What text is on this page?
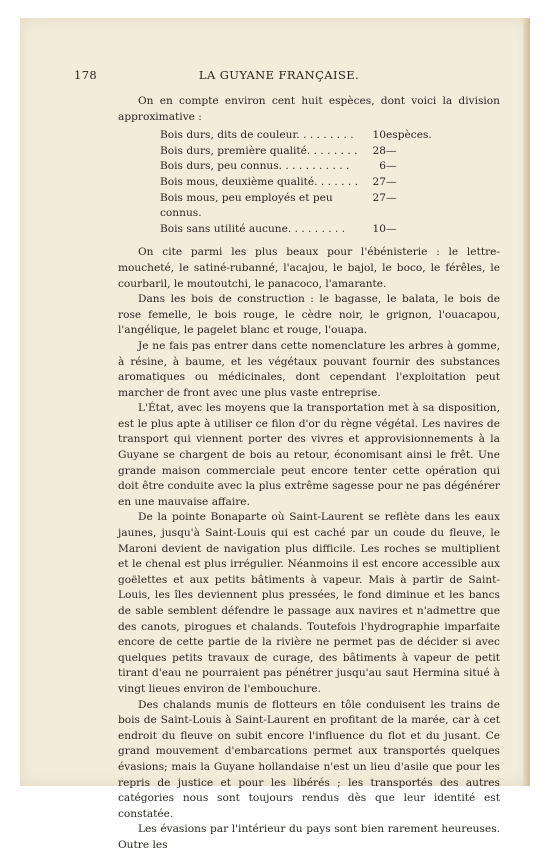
178	LA GUYANE FRANÇAISE.

On en compte environ cent huit espèces, dont voici la division approximative :

Bois durs, dits de couleur. . . . . . . . .	10	espèces.
Bois durs, première qualité. . . . . . . .	28	—
Bois durs, peu connus. . . . . . . . . . .	6	—
Bois mous, deuxième qualité. . . . . . .	27	—
Bois mous, peu employés et peu connus.	27	—
Bois sans utilité aucune. . . . . . . . .	10	—

On cite parmi les plus beaux pour l'ébénisterie : le lettre-moucheté, le satiné-rubanné, l'acajou, le bajol, le boco, le férêles, le courbaril, le moutoutchi, le panacoco, l'amarante.

Dans les bois de construction : le bagasse, le balata, le bois de rose femelle, le bois rouge, le cèdre noir, le grignon, l'ouacapou, l'angélique, le pagelet blanc et rouge, l'ouapa.

Je ne fais pas entrer dans cette nomenclature les arbres à gomme, à résine, à baume, et les végétaux pouvant fournir des substances aromatiques ou médicinales, dont cependant l'exploitation peut marcher de front avec une plus vaste entreprise.

L'État, avec les moyens que la transportation met à sa disposition, est le plus apte à utiliser ce filon d'or du règne végétal. Les navires de transport qui viennent porter des vivres et approvisionnements à la Guyane se chargent de bois au retour, économisant ainsi le frêt. Une grande maison commerciale peut encore tenter cette opération qui doit être conduite avec la plus extrême sagesse pour ne pas dégénérer en une mauvaise affaire.

De la pointe Bonaparte où Saint-Laurent se reflète dans les eaux jaunes, jusqu'à Saint-Louis qui est caché par un coude du fleuve, le Maroni devient de navigation plus difficile. Les roches se multiplient et le chenal est plus irrégulier. Néanmoins il est encore accessible aux goëlettes et aux petits bâtiments à vapeur. Mais à partir de Saint-Louis, les îles deviennent plus pressées, le fond diminue et les bancs de sable semblent défendre le passage aux navires et n'admettre que des canots, pirogues et chalands. Toutefois l'hydrographie imparfaite encore de cette partie de la rivière ne permet pas de décider si avec quelques petits travaux de curage, des bâtiments à vapeur de petit tirant d'eau ne pourraient pas pénétrer jusqu'au saut Hermina situé à vingt lieues environ de l'embouchure.

Des chalands munis de flotteurs en tôle conduisent les trains de bois de Saint-Louis à Saint-Laurent en profitant de la marée, car à cet endroit du fleuve on subit encore l'influence du flot et du jusant. Ce grand mouvement d'embarcations permet aux transportés quelques évasions; mais la Guyane hollandaise n'est un lieu d'asile que pour les repris de justice et pour les libérés ; les transportés des autres catégories nous sont toujours rendus dès que leur identité est constatée.

Les évasions par l'intérieur du pays sont bien rarement heureuses. Outre les
